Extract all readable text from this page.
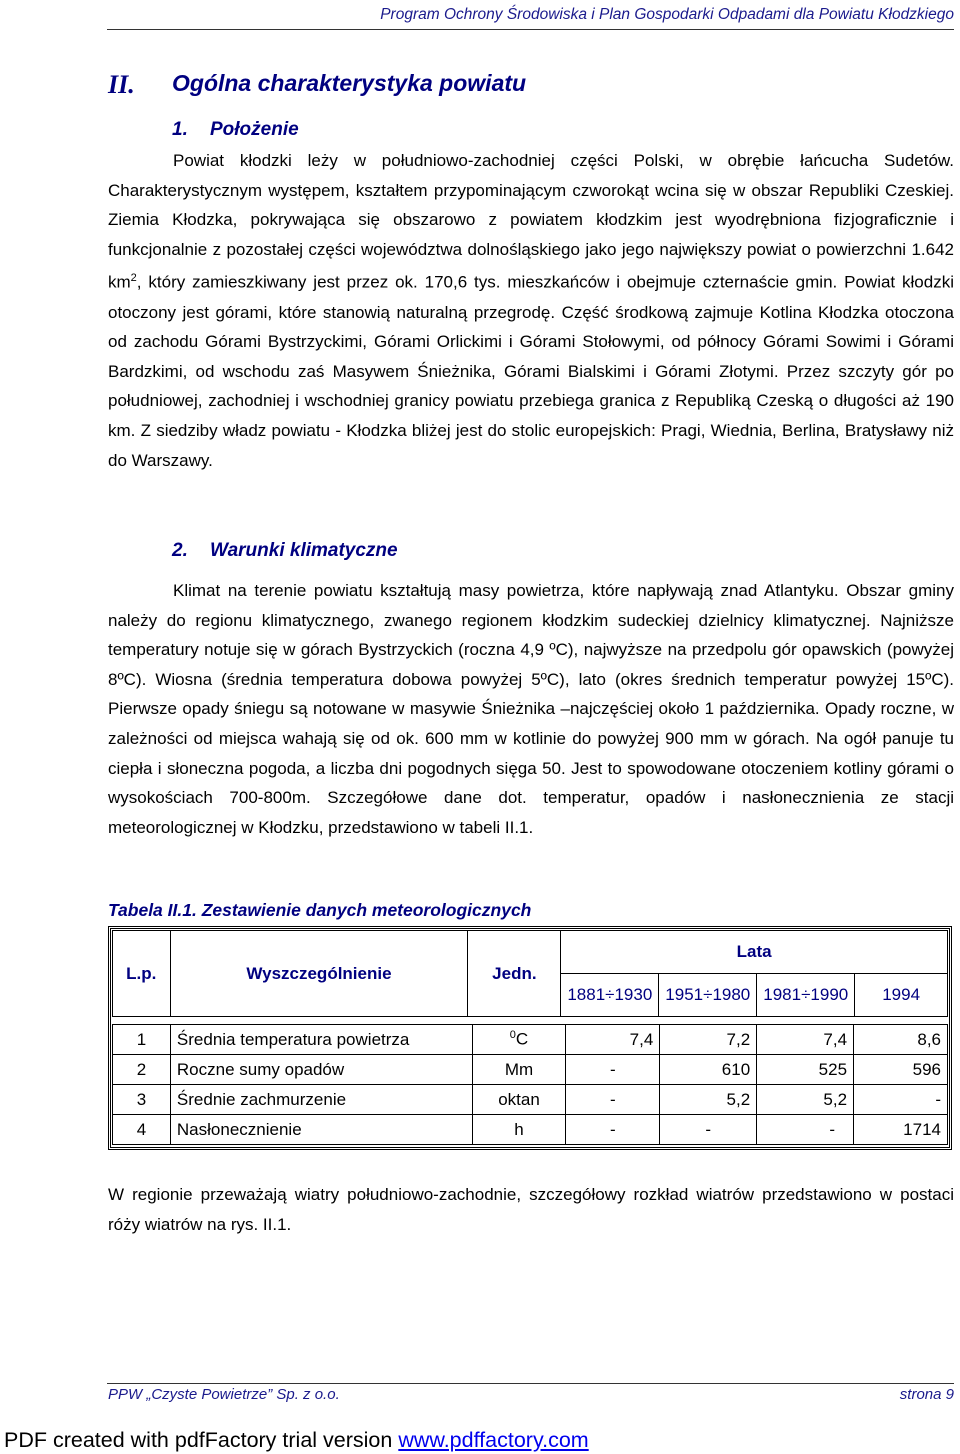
Program Ochrony Środowiska i Plan Gospodarki Odpadami dla Powiatu Kłodzkiego
II. Ogólna charakterystyka powiatu
1. Położenie

Powiat kłodzki leży w południowo-zachodniej części Polski, w obrębie łańcucha Sudetów. Charakterystycznym występem, kształtem przypominającym czworokąt wcina się w obszar Republiki Czeskiej. Ziemia Kłodzka, pokrywająca się obszarowo z powiatem kłodzkim jest wyodrębniona fizjograficznie i funkcjonalnie z pozostałej części województwa dolnośląskiego jako jego największy powiat o powierzchni 1.642 $km^2$, który zamieszkiwany jest przez ok. 170,6 tys. mieszkańców i obejmuje czternaście gmin. Powiat kłodzki otoczony jest górami, które stanowią naturalną przegrodę. Część środkową zajmuje Kotlina Kłodzka otoczona od zachodu Górami Bystrzyckimi, Górami Orlickimi i Górami Stołowymi, od północy Górami Sowimi i Górami Bardzkimi, od wschodu zaś Masywem Śnieżnika, Górami Bialskimi i Górami Złotymi. Przez szczyty gór po południowej, zachodniej i wschodniej granicy powiatu przebiega granica z Republiką Czeską o długości aż 190 km. Z siedziby władz powiatu - Kłodzka bliżej jest do stolic europejskich: Pragi, Wiednia, Berlina, Bratysławy niż do Warszawy.

2. Warunki klimatyczne

Klimat na terenie powiatu kształtują masy powietrza, które napływają znad Atlantyku. Obszar gminy należy do regionu klimatycznego, zwanego regionem kłodzkim sudeckiej dzielnicy klimatycznej. Najniższe temperatury notuje się w górach Bystrzyckich (roczna 4,9 ºC), najwyższe na przedpolu gór opawskich (powyżej 8ºC). Wiosna (średnia temperatura dobowa powyżej 5ºC), lato (okres średnich temperatur powyżej 15ºC). Pierwsze opady śniegu są notowane w masywie Śnieżnika –najczęściej około 1 października. Opady roczne, w zależności od miejsca wahają się od ok. 600 mm w kotlinie do powyżej 900 mm w górach. Na ogół panuje tu ciepła i słoneczna pogoda, a liczba dni pogodnych sięga 50. Jest to spowodowane otoczeniem kotliny górami o wysokościach 700-800m. Szczegółowe dane dot. temperatur, opadów i nasłonecznienia ze stacji meteorologicznej w Kłodzku, przedstawiono w tabeli II.1.

Tabela II.1. Zestawienie danych meteorologicznych
L.p.	Wyszczególnienie	Jedn.	Lata			
			1881÷1930	1951÷1980	1981÷1990	1994
1	Średnia temperatura powietrza	$^0$C	7,4	7,2	7,4	8,6
2	Roczne sumy opadów	Mm	-	610	525	596
3	Średnie zachmurzenie	oktan	-	5,2	5,2	-
4	Nasłonecznienie	h	-	-	-	1714

W regionie przeważają wiatry południowo-zachodnie, szczegółowy rozkład wiatrów przedstawiono w postaci róży wiatrów na rys. II.1.

PPW „Czyste Powietrze” Sp. z o.o.	strona 9
PDF created with pdfFactory trial version www.pdffactory.com
